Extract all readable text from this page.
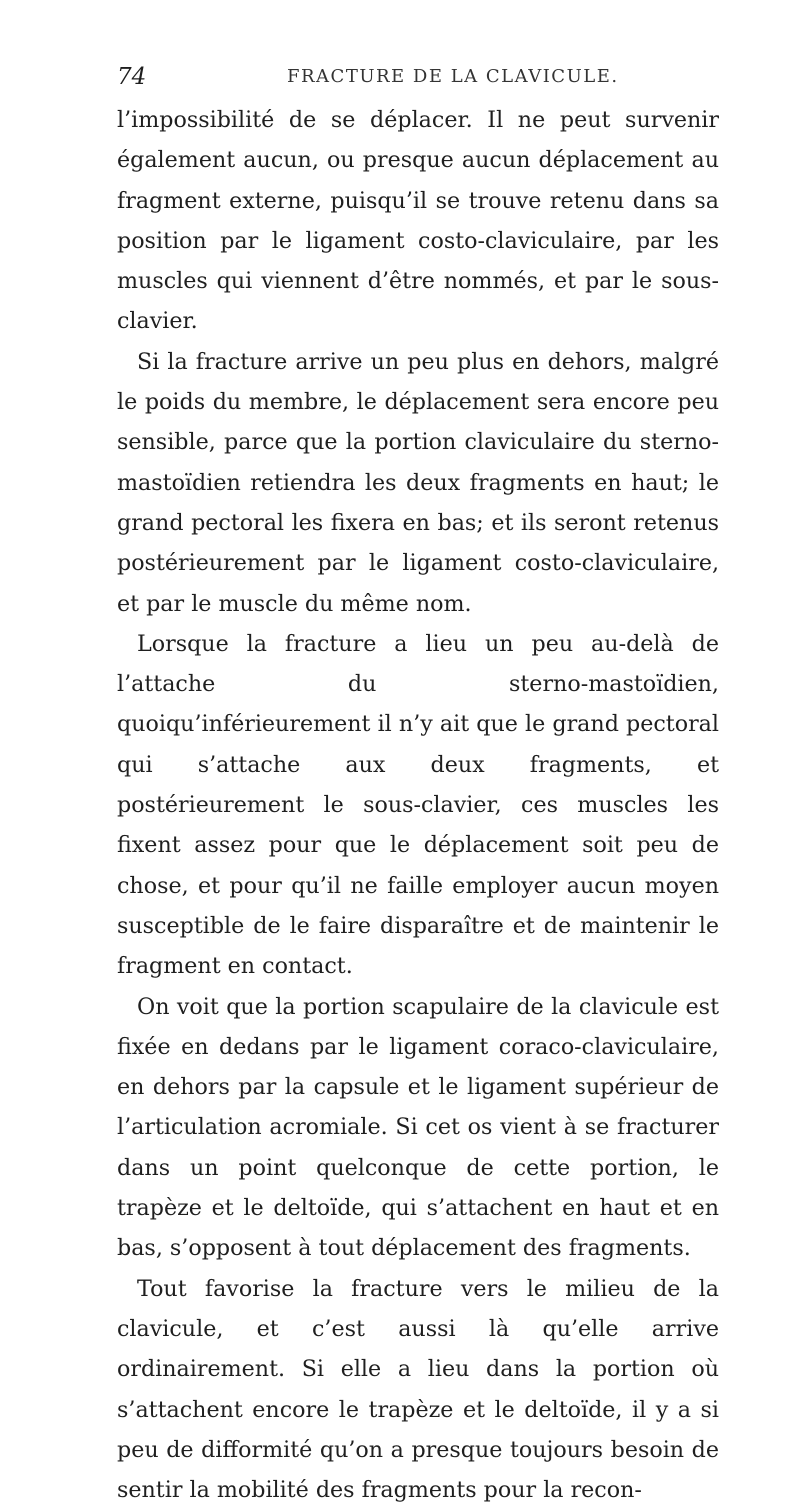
74	FRACTURE DE LA CLAVICULE.

l’impossibilité de se déplacer. Il ne peut survenir également aucun, ou presque aucun déplacement au fragment externe, puisqu’il se trouve retenu dans sa position par le ligament costo-claviculaire, par les muscles qui viennent d’être nommés, et par le sous-clavier.

Si la fracture arrive un peu plus en dehors, malgré le poids du membre, le déplacement sera encore peu sensible, parce que la portion claviculaire du sterno-mastoïdien retiendra les deux fragments en haut; le grand pectoral les fixera en bas; et ils seront retenus postérieurement par le ligament costo-claviculaire, et par le muscle du même nom.

Lorsque la fracture a lieu un peu au-delà de l’attache du sterno-mastoïdien, quoiqu’inférieurement il n’y ait que le grand pectoral qui s’attache aux deux fragments, et postérieurement le sous-clavier, ces muscles les fixent assez pour que le déplacement soit peu de chose, et pour qu’il ne faille employer aucun moyen susceptible de le faire disparaître et de maintenir le fragment en contact.

On voit que la portion scapulaire de la clavicule est fixée en dedans par le ligament coraco-claviculaire, en dehors par la capsule et le ligament supérieur de l’articulation acromiale. Si cet os vient à se fracturer dans un point quelconque de cette portion, le trapèze et le deltoïde, qui s’attachent en haut et en bas, s’opposent à tout déplacement des fragments.

Tout favorise la fracture vers le milieu de la clavicule, et c’est aussi là qu’elle arrive ordinairement. Si elle a lieu dans la portion où s’attachent encore le trapèze et le deltoïde, il y a si peu de difformité qu’on a presque toujours besoin de sentir la mobilité des fragments pour la recon-
